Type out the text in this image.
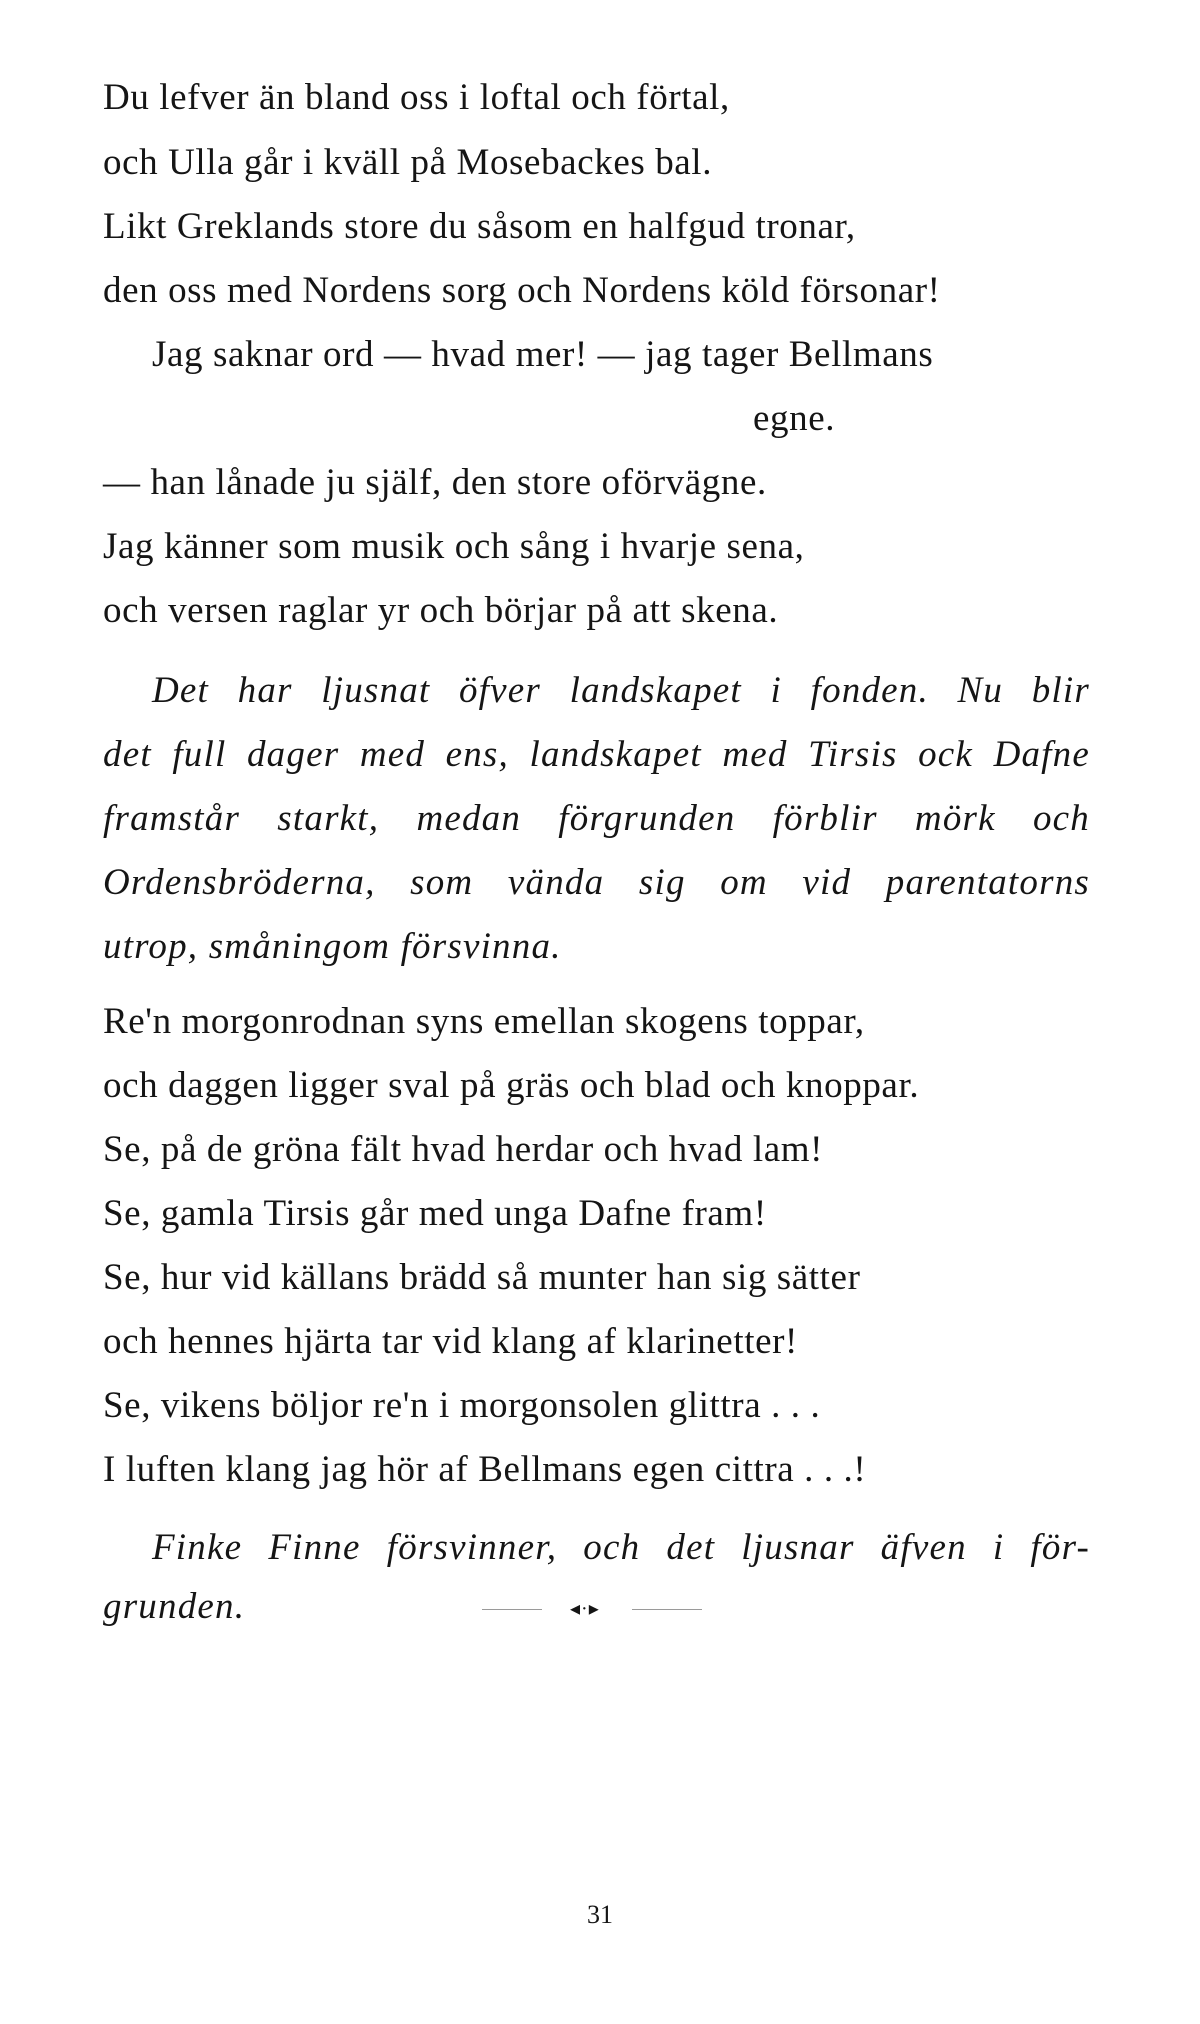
Du lefver än bland oss i loftal och förtal,
och Ulla går i kväll på Mosebackes bal.
Likt Greklands store du såsom en halfgud tronar,
den oss med Nordens sorg och Nordens köld försonar!
Jag saknar ord — hvad mer! — jag tager Bellmans
egne.
— han lånade ju själf, den store oförvägne.
Jag känner som musik och sång i hvarje sena,
och versen raglar yr och börjar på att skena.
Det har ljusnat öfver landskapet i fonden. Nu blir
det full dager med ens, landskapet med Tirsis ock Dafne
framstår starkt, medan förgrunden förblir mörk och
Ordensbröderna, som vända sig om vid parentatorns
utrop, småningom försvinna.
Re'n morgonrodnan syns emellan skogens toppar,
och daggen ligger sval på gräs och blad och knoppar.
Se, på de gröna fält hvad herdar och hvad lam!
Se, gamla Tirsis går med unga Dafne fram!
Se, hur vid källans brädd så munter han sig sätter
och hennes hjärta tar vid klang af klarinetter!
Se, vikens böljor re'n i morgonsolen glittra . . .
I luften klang jag hör af Bellmans egen cittra . . .!
Finke Finne försvinner, och det ljusnar äfven i för-
grunden.	◂·▸
31
